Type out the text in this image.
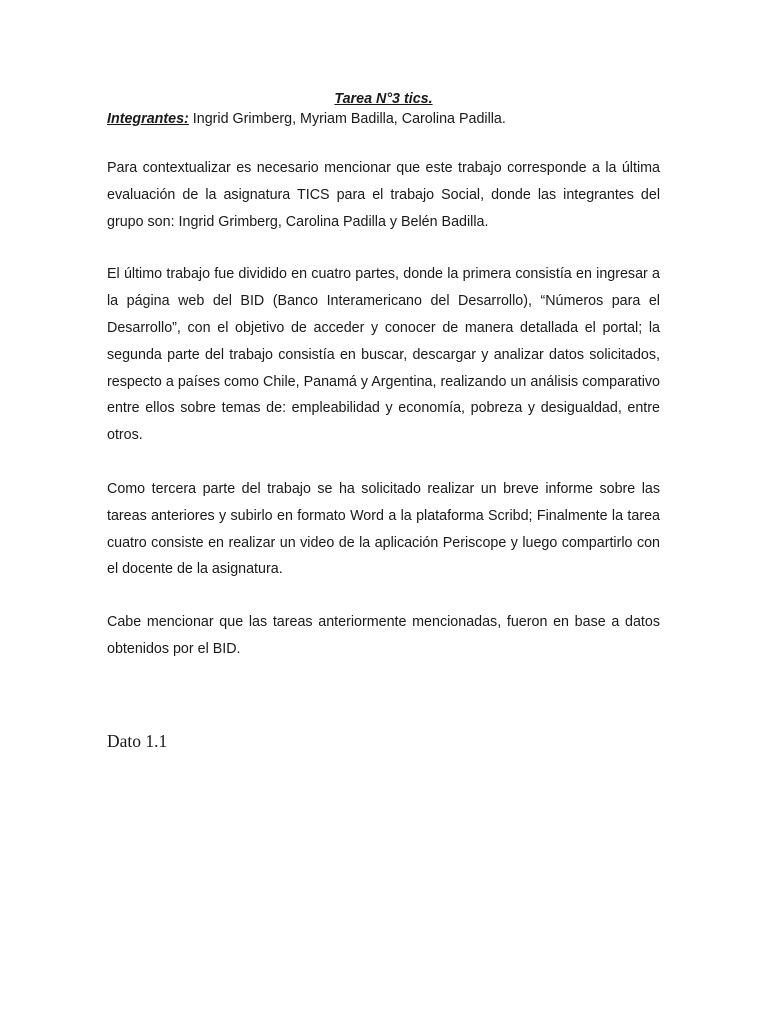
Tarea N°3 tics.

Integrantes: Ingrid Grimberg, Myriam Badilla, Carolina Padilla.

Para contextualizar es necesario mencionar que este trabajo corresponde a la última evaluación de la asignatura TICS para el trabajo Social, donde las integrantes del grupo son: Ingrid Grimberg, Carolina Padilla y Belén Badilla.

El último trabajo fue dividido en cuatro partes, donde la primera consistía en ingresar a la página web del BID (Banco Interamericano del Desarrollo), “Números para el Desarrollo”, con el objetivo de acceder y conocer de manera detallada el portal; la segunda parte del trabajo consistía en buscar, descargar y analizar datos solicitados, respecto a países como Chile, Panamá y Argentina, realizando un análisis comparativo entre ellos sobre temas de: empleabilidad y economía, pobreza y desigualdad, entre otros.

Como tercera parte del trabajo se ha solicitado realizar un breve informe sobre las tareas anteriores y subirlo en formato Word a la plataforma Scribd; Finalmente la tarea cuatro consiste en realizar un video de la aplicación Periscope y luego compartirlo con el docente de la asignatura.

Cabe mencionar que las tareas anteriormente mencionadas, fueron en base a datos obtenidos por el BID.

Dato 1.1
